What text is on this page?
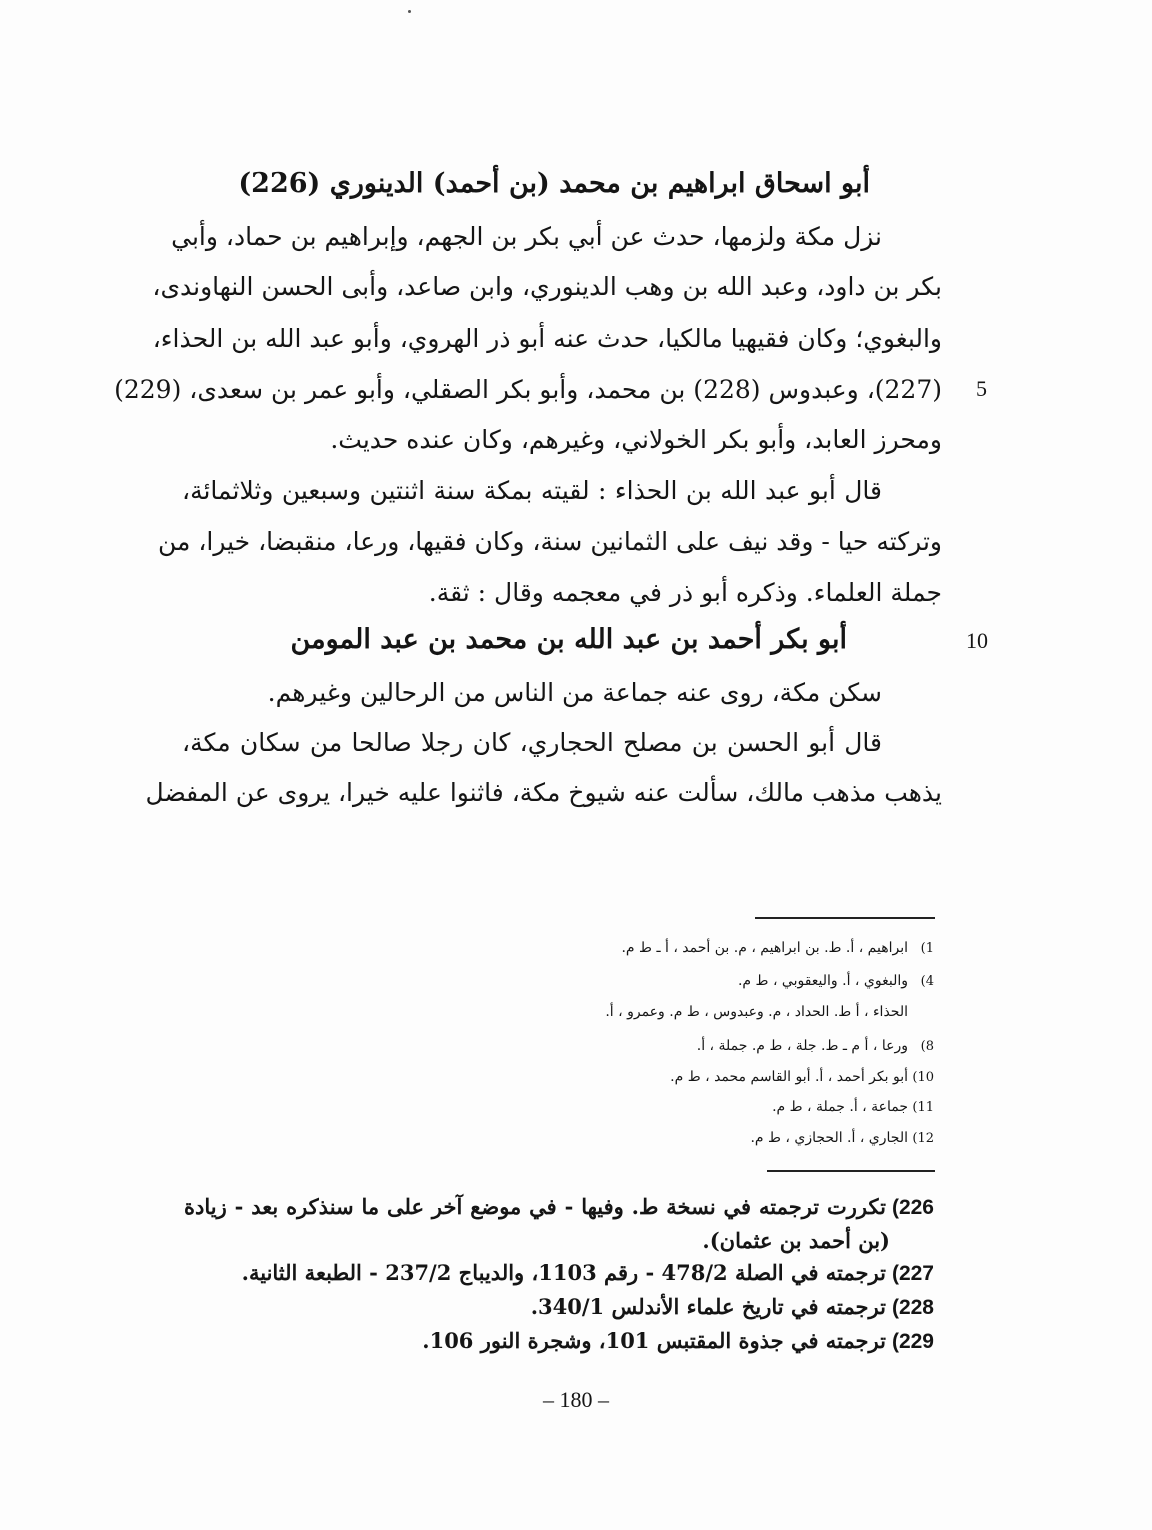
أبو اسحاق ابراهيم بن محمد (بن أحمد) الدينوري (226)
نزل مكة ولزمها، حدث عن أبي بكر بن الجهم، وإبراهيم بن حماد، وأبي
بكر بن داود، وعبد الله بن وهب الدينوري، وابن صاعد، وأبى الحسن النهاوندى،
والبغوي؛ وكان فقيهيا مالكيا، حدث عنه أبو ذر الهروي، وأبو عبد الله بن الحذاء،
(227)، وعبدوس (228) بن محمد، وأبو بكر الصقلي، وأبو عمر بن سعدى، (229)
ومحرز العابد، وأبو بكر الخولاني، وغيرهم، وكان عنده حديث.
قال أبو عبد الله بن الحذاء : لقيته بمكة سنة اثنتين وسبعين وثلاثمائة،
وتركته حيا - وقد نيف على الثمانين سنة، وكان فقيها، ورعا، منقبضا، خيرا، من
جملة العلماء. وذكره أبو ذر في معجمه وقال : ثقة.
أبو بكر أحمد بن عبد الله بن محمد بن عبد المومن
سكن مكة، روى عنه جماعة من الناس من الرحالين وغيرهم.
قال أبو الحسن بن مصلح الحجاري، كان رجلا صالحا من سكان مكة،
يذهب مذهب مالك، سألت عنه شيوخ مكة، فاثنوا عليه خيرا، يروى عن المفضل
5
10
1)ابراهيم ، أ. ط. بن ابراهيم ، م. بن أحمد ، أ ـ ط م.
4)والبغوي ، أ. واليعقوبي ، ط م.
الحذاء ، أ ط. الحداد ، م. وعبدوس ، ط م. وعمرو ، أ.
8)ورعا ، أ م ـ ط. جلة ، ط م. جملة ، أ.
10)أبو بكر أحمد ، أ. أبو القاسم محمد ، ط م.
11)جماعة ، أ. جملة ، ط م.
12)الجاري ، أ. الحجازي ، ط م.
226)تكررت ترجمته في نسخة ط. وفيها - في موضع آخر على ما سنذكره بعد - زيادة
(بن أحمد بن عثمان).
227)ترجمته في الصلة 478/2 - رقم 1103، والديباج 237/2 - الطبعة الثانية.
228)ترجمته في تاريخ علماء الأندلس 340/1.
229)ترجمته في جذوة المقتبس 101، وشجرة النور 106.
– 180 –
